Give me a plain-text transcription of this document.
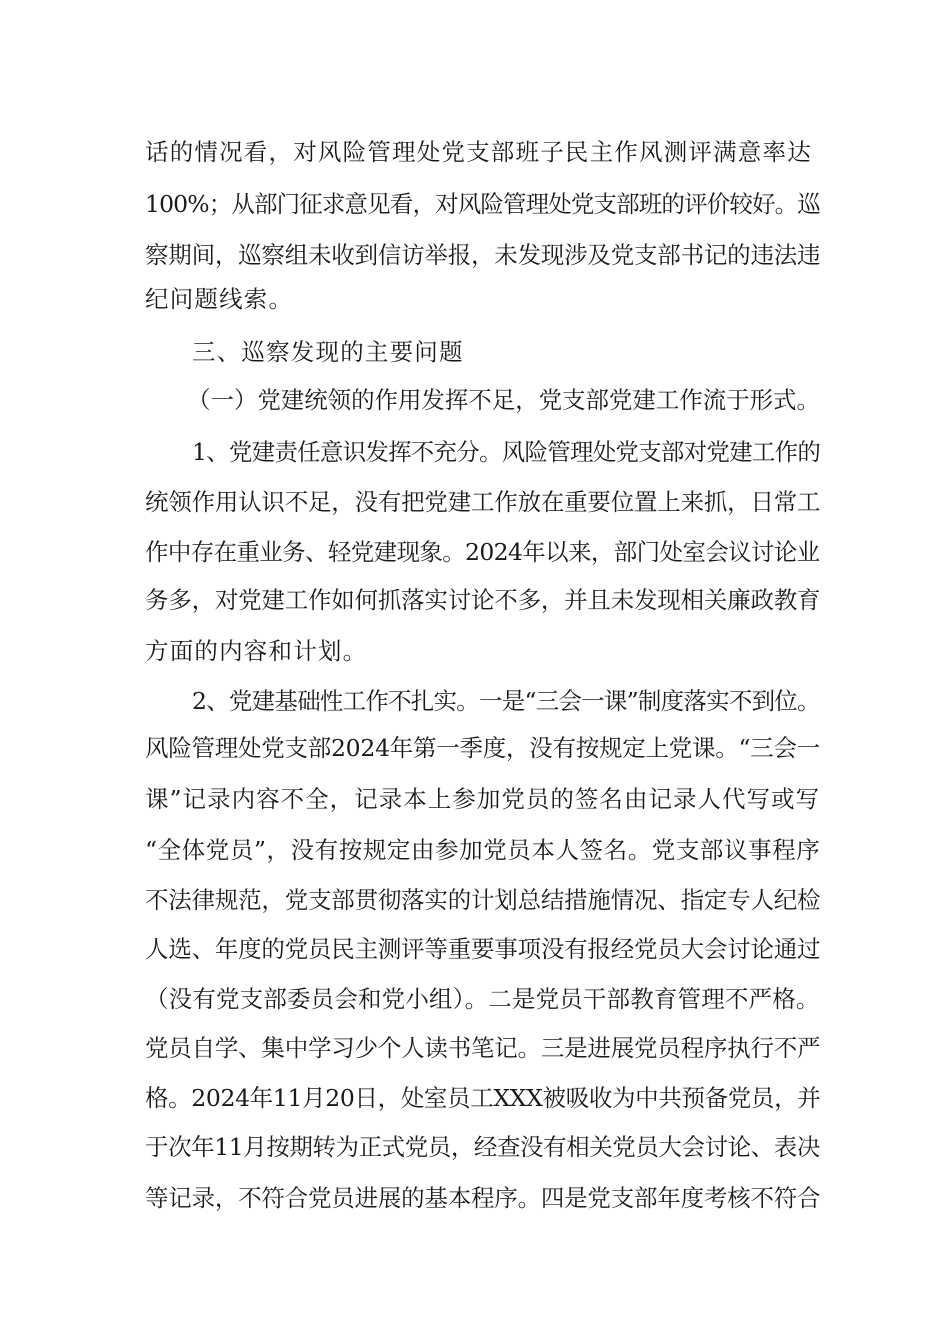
话的情况看，对风险管理处党支部班子民主作风测评满意率达
100%；从部门征求意见看，对风险管理处党支部班的评价较好。巡
察期间，巡察组未收到信访举报，未发现涉及党支部书记的违法违
纪问题线索。
三、巡察发现的主要问题
（一）党建统领的作用发挥不足，党支部党建工作流于形式。
1、党建责任意识发挥不充分。风险管理处党支部对党建工作的
统领作用认识不足，没有把党建工作放在重要位置上来抓，日常工
作中存在重业务、轻党建现象。2024年以来，部门处室会议讨论业
务多，对党建工作如何抓落实讨论不多，并且未发现相关廉政教育
方面的内容和计划。
2、党建基础性工作不扎实。一是“三会一课”制度落实不到位。
风险管理处党支部2024年第一季度，没有按规定上党课。“三会一
课”记录内容不全，记录本上参加党员的签名由记录人代写或写
“全体党员”，没有按规定由参加党员本人签名。党支部议事程序
不法律规范，党支部贯彻落实的计划总结措施情况、指定专人纪检
人选、年度的党员民主测评等重要事项没有报经党员大会讨论通过
（没有党支部委员会和党小组）。二是党员干部教育管理不严格。
党员自学、集中学习少个人读书笔记。三是进展党员程序执行不严
格。2024年11月20日，处室员工XXX被吸收为中共预备党员，并
于次年11月按期转为正式党员，经查没有相关党员大会讨论、表决
等记录，不符合党员进展的基本程序。四是党支部年度考核不符合
